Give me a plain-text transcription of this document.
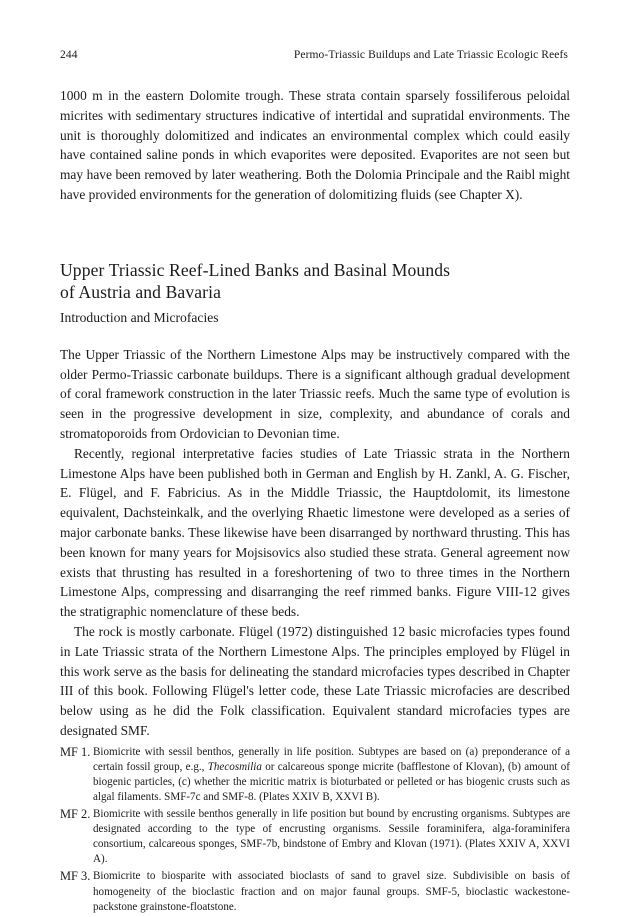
244	Permo-Triassic Buildups and Late Triassic Ecologic Reefs

1000 m in the eastern Dolomite trough. These strata contain sparsely fossiliferous peloidal micrites with sedimentary structures indicative of intertidal and supratidal environments. The unit is thoroughly dolomitized and indicates an environmental complex which could easily have contained saline ponds in which evaporites were deposited. Evaporites are not seen but may have been removed by later weathering. Both the Dolomia Principale and the Raibl might have provided environments for the generation of dolomitizing fluids (see Chapter X).

Upper Triassic Reef-Lined Banks and Basinal Mounds
of Austria and Bavaria
Introduction and Microfacies

The Upper Triassic of the Northern Limestone Alps may be instructively compared with the older Permo-Triassic carbonate buildups. There is a significant although gradual development of coral framework construction in the later Triassic reefs. Much the same type of evolution is seen in the progressive development in size, complexity, and abundance of corals and stromatoporoids from Ordovician to Devonian time.

Recently, regional interpretative facies studies of Late Triassic strata in the Northern Limestone Alps have been published both in German and English by H. Zankl, A. G. Fischer, E. Flügel, and F. Fabricius. As in the Middle Triassic, the Hauptdolomit, its limestone equivalent, Dachsteinkalk, and the overlying Rhaetic limestone were developed as a series of major carbonate banks. These likewise have been disarranged by northward thrusting. This has been known for many years for Mojsisovics also studied these strata. General agreement now exists that thrusting has resulted in a foreshortening of two to three times in the Northern Limestone Alps, compressing and disarranging the reef rimmed banks. Figure VIII-12 gives the stratigraphic nomenclature of these beds.

The rock is mostly carbonate. Flügel (1972) distinguished 12 basic microfacies types found in Late Triassic strata of the Northern Limestone Alps. The principles employed by Flügel in this work serve as the basis for delineating the standard microfacies types described in Chapter III of this book. Following Flügel's letter code, these Late Triassic microfacies are described below using as he did the Folk classification. Equivalent standard microfacies types are designated SMF.

MF 1. Biomicrite with sessil benthos, generally in life position. Subtypes are based on (a) preponderance of a certain fossil group, e.g., Thecosmilia or calcareous sponge micrite (bafflestone of Klovan), (b) amount of biogenic particles, (c) whether the micritic matrix is bioturbated or pelleted or has biogenic crusts such as algal filaments. SMF-7c and SMF-8. (Plates XXIV B, XXVI B).
MF 2. Biomicrite with sessile benthos generally in life position but bound by encrusting organisms. Subtypes are designated according to the type of encrusting organisms. Sessile foraminifera, alga-foraminifera consortium, calcareous sponges, SMF-7b, bindstone of Embry and Klovan (1971). (Plates XXIV A, XXVI A).
MF 3. Biomicrite to biosparite with associated bioclasts of sand to gravel size. Subdivisible on basis of homogeneity of the bioclastic fraction and on major faunal groups. SMF-5, bioclastic wackestone-packstone grainstone-floatstone.
